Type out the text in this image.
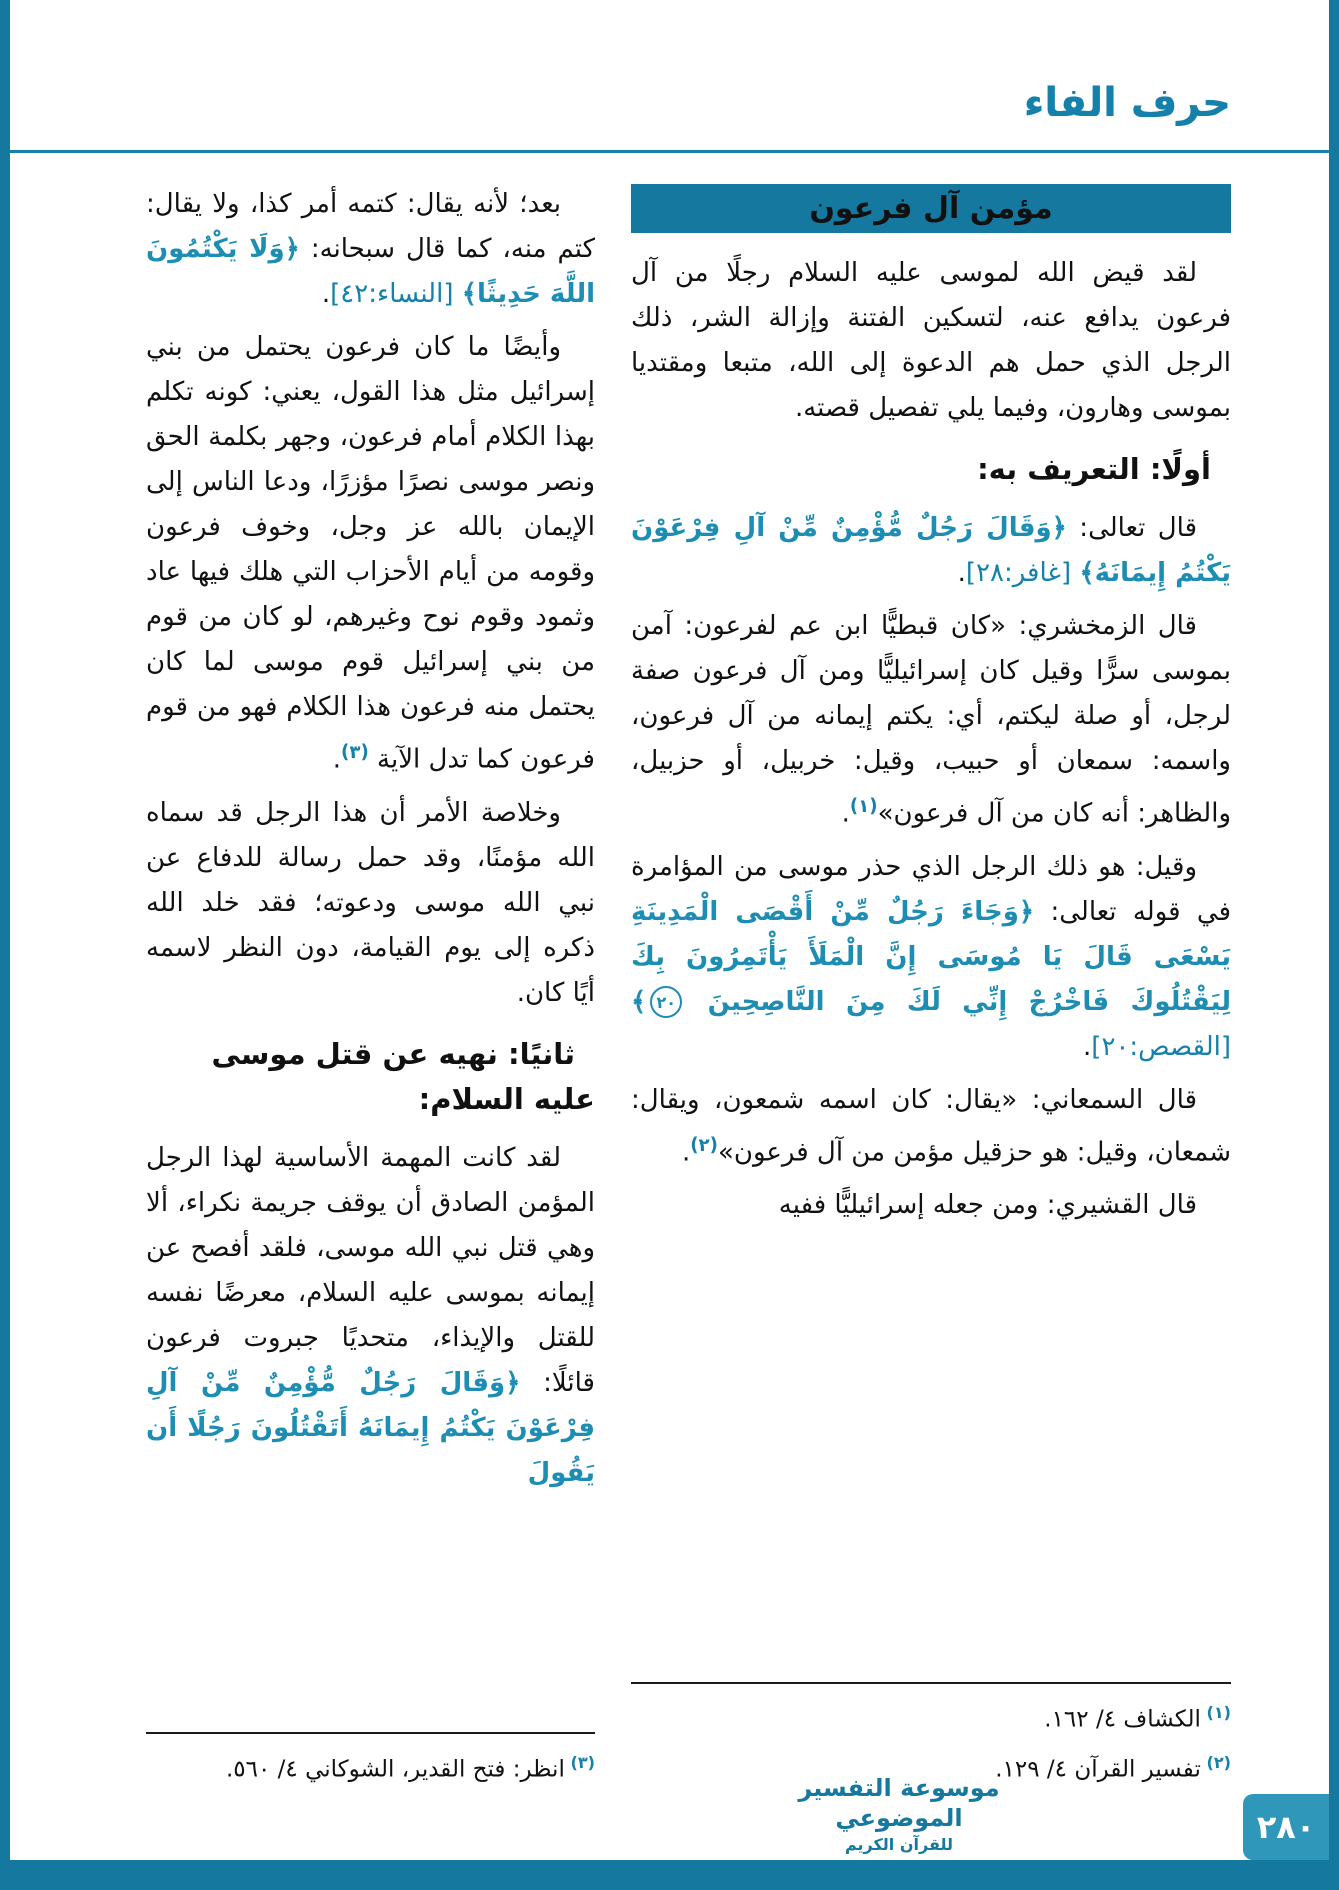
حرف الفاء
مؤمن آل فرعون

لقد قيض الله لموسى عليه السلام رجلًا من آل فرعون يدافع عنه، لتسكين الفتنة وإزالة الشر، ذلك الرجل الذي حمل هم الدعوة إلى الله، متبعا ومقتديا بموسى وهارون، وفيما يلي تفصيل قصته.

أولًا: التعريف به:

قال تعالى: ﴿وَقَالَ رَجُلٌ مُّؤْمِنٌ مِّنْ آلِ فِرْعَوْنَ يَكْتُمُ إِيمَانَهُ﴾ [غافر:٢٨].

قال الزمخشري: «كان قبطيًّا ابن عم لفرعون: آمن بموسى سرًّا وقيل كان إسرائيليًّا ومن آل فرعون صفة لرجل، أو صلة ليكتم، أي: يكتم إيمانه من آل فرعون، واسمه: سمعان أو حبيب، وقيل: خربيل، أو حزبيل، والظاهر: أنه كان من آل فرعون»$^{(١)}$.

وقيل: هو ذلك الرجل الذي حذر موسى من المؤامرة في قوله تعالى: ﴿وَجَاءَ رَجُلٌ مِّنْ أَقْصَى الْمَدِينَةِ يَسْعَى قَالَ يَا مُوسَى إِنَّ الْمَلَأَ يَأْتَمِرُونَ بِكَ لِيَقْتُلُوكَ فَاخْرُجْ إِنِّي لَكَ مِنَ النَّاصِحِينَ ٢٠﴾ [القصص:٢٠].

قال السمعاني: «يقال: كان اسمه شمعون، ويقال: شمعان، وقيل: هو حزقيل مؤمن من آل فرعون»$^{(٢)}$.

قال القشيري: ومن جعله إسرائيليًّا ففيه

$^{(١)}$ الكشاف ٤/ ١٦٢.

$^{(٢)}$ تفسير القرآن ٤/ ١٢٩.

بعد؛ لأنه يقال: كتمه أمر كذا، ولا يقال: كتم منه، كما قال سبحانه: ﴿وَلَا يَكْتُمُونَ اللَّهَ حَدِيثًا﴾ [النساء:٤٢].

وأيضًا ما كان فرعون يحتمل من بني إسرائيل مثل هذا القول، يعني: كونه تكلم بهذا الكلام أمام فرعون، وجهر بكلمة الحق ونصر موسى نصرًا مؤزرًا، ودعا الناس إلى الإيمان بالله عز وجل، وخوف فرعون وقومه من أيام الأحزاب التي هلك فيها عاد وثمود وقوم نوح وغيرهم، لو كان من قوم من بني إسرائيل قوم موسى لما كان يحتمل منه فرعون هذا الكلام فهو من قوم فرعون كما تدل الآية $^{(٣)}$.

وخلاصة الأمر أن هذا الرجل قد سماه الله مؤمنًا، وقد حمل رسالة للدفاع عن نبي الله موسى ودعوته؛ فقد خلد الله ذكره إلى يوم القيامة، دون النظر لاسمه أيًا كان.

ثانيًا: نهيه عن قتل موسى عليه السلام:

لقد كانت المهمة الأساسية لهذا الرجل المؤمن الصادق أن يوقف جريمة نكراء، ألا وهي قتل نبي الله موسى، فلقد أفصح عن إيمانه بموسى عليه السلام، معرضًا نفسه للقتل والإيذاء، متحديًا جبروت فرعون قائلًا: ﴿وَقَالَ رَجُلٌ مُّؤْمِنٌ مِّنْ آلِ فِرْعَوْنَ يَكْتُمُ إِيمَانَهُ أَتَقْتُلُونَ رَجُلًا أَن يَقُولَ

$^{(٣)}$ انظر: فتح القدير، الشوكاني ٤/ ٥٦٠.

موسوعة التفسير الموضوعي
للقرآن الكريم	٢٨٠
